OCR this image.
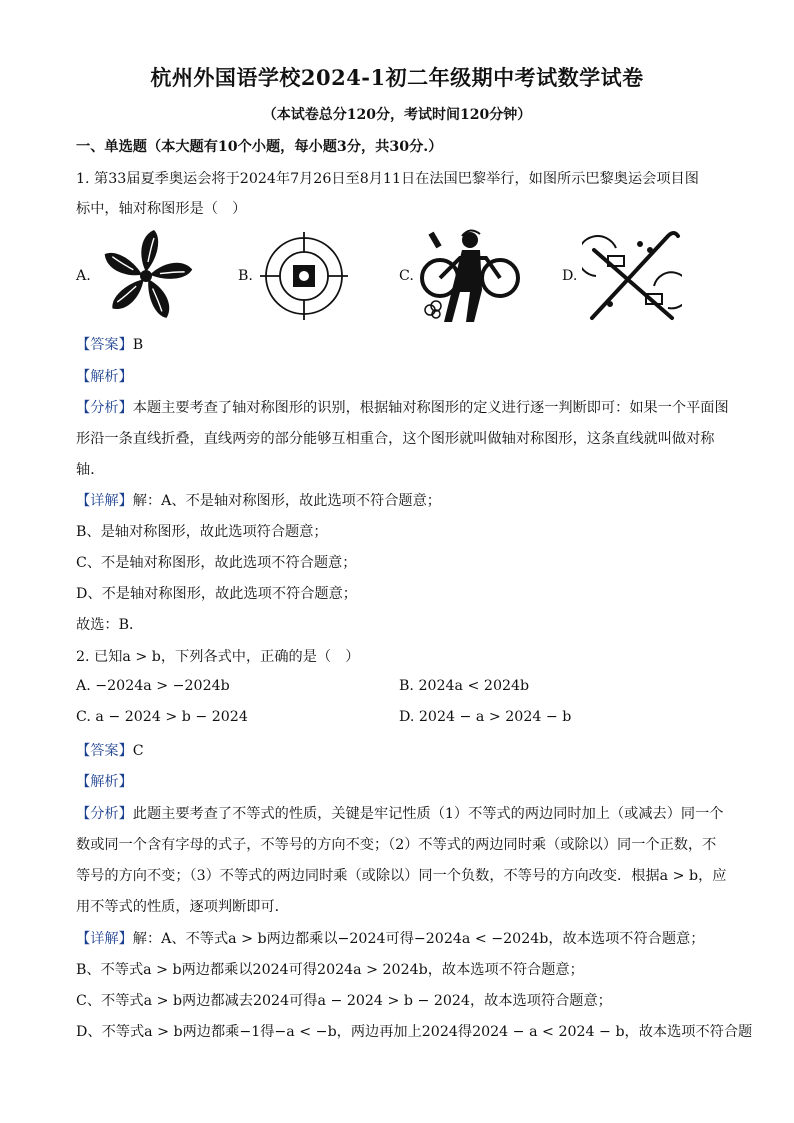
杭州外国语学校2024-1初二年级期中考试数学试卷
（本试卷总分120分，考试时间120分钟）
一、单选题（本大题有10个小题，每小题3分，共30分.）
1. 第33届夏季奥运会将于2024年7月26日至8月11日在法国巴黎举行，如图所示巴黎奥运会项目图
标中，轴对称图形是（　）
A.	B.	C.	D.
【答案】B
【解析】
【分析】本题主要考查了轴对称图形的识别，根据轴对称图形的定义进行逐一判断即可：如果一个平面图
形沿一条直线折叠，直线两旁的部分能够互相重合，这个图形就叫做轴对称图形，这条直线就叫做对称
轴．
【详解】解：A、不是轴对称图形，故此选项不符合题意；
B、是轴对称图形，故此选项符合题意；
C、不是轴对称图形，故此选项不符合题意；
D、不是轴对称图形，故此选项不符合题意；
故选：B．
2. 已知a > b，下列各式中，正确的是（　）
A. −2024a > −2024b	B. 2024a < 2024b
C. a − 2024 > b − 2024	D. 2024 − a > 2024 − b
【答案】C
【解析】
【分析】此题主要考查了不等式的性质，关键是牢记性质（1）不等式的两边同时加上（或减去）同一个
数或同一个含有字母的式子，不等号的方向不变；（2）不等式的两边同时乘（或除以）同一个正数，不
等号的方向不变；（3）不等式的两边同时乘（或除以）同一个负数，不等号的方向改变．根据a > b，应
用不等式的性质，逐项判断即可．
【详解】解：A、不等式a > b两边都乘以−2024可得−2024a < −2024b，故本选项不符合题意；
B、不等式a > b两边都乘以2024可得2024a > 2024b，故本选项不符合题意；
C、不等式a > b两边都减去2024可得a − 2024 > b − 2024，故本选项符合题意；
D、不等式a > b两边都乘−1得−a < −b，两边再加上2024得2024 − a < 2024 − b，故本选项不符合题
